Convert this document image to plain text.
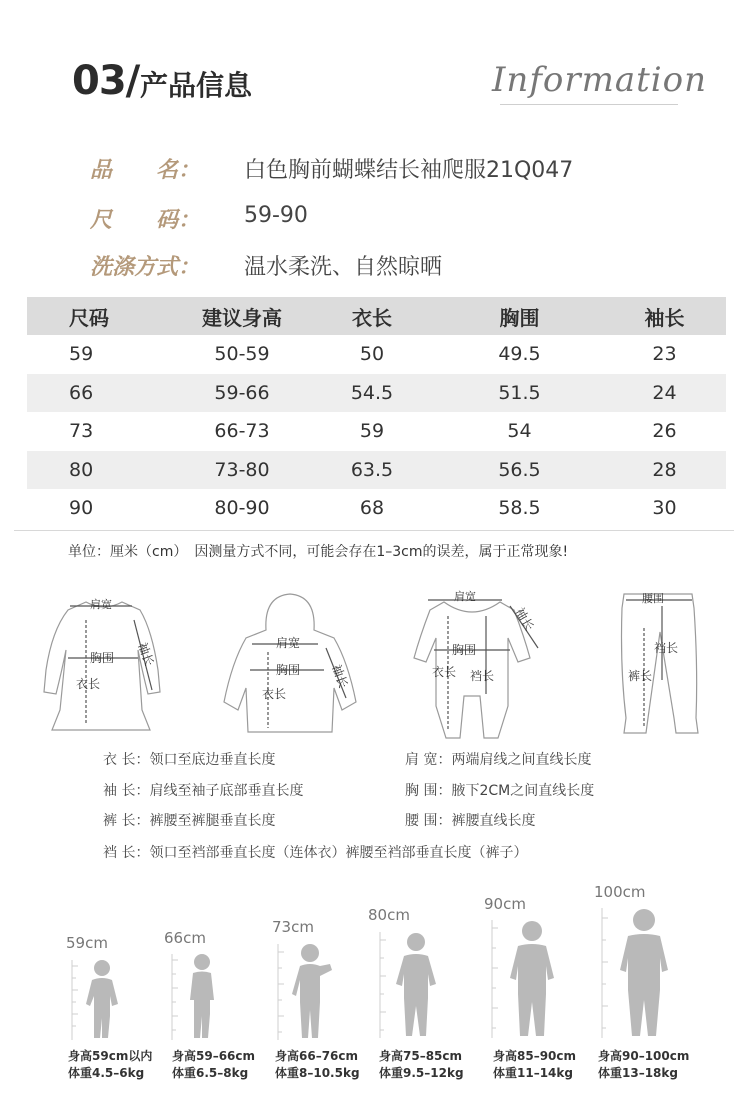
03/ 产品信息	Information
品　　名： 白色胸前蝴蝶结长袖爬服21Q047
尺　　码： 59-90
洗涤方式： 温水柔洗、自然晾晒
尺码	建议身高	衣长	胸围	袖长
59	50-59	50	49.5	23
66	59-66	54.5	51.5	24
73	66-73	59	54	26
80	73-80	63.5	56.5	28
90	80-90	68	58.5	30
单位：厘米（cm）　因测量方式不同，可能会存在1–3cm的误差，属于正常现象!
肩宽
胸围
衣长
袖长	肩宽
胸围
衣长
袖长
肩宽
胸围
衣长 裆长
袖长
腰围
裆长
裤长
衣 长：领口至底边垂直长度	肩 宽：两端肩线之间直线长度
袖 长：肩线至袖子底部垂直长度	胸 围：腋下2CM之间直线长度
裤 长：裤腰至裤腿垂直长度	腰 围：裤腰直线长度
裆 长：领口至裆部垂直长度（连体衣）裤腰至裆部垂直长度（裤子）
59cm
身高59cm以内
体重4.5–6kg
66cm
身高59–66cm
体重6.5–8kg
73cm
身高66–76cm
体重8–10.5kg
80cm
身高75–85cm
体重9.5–12kg
90cm
身高85–90cm
体重11–14kg
100cm
身高90–100cm
体重13–18kg
